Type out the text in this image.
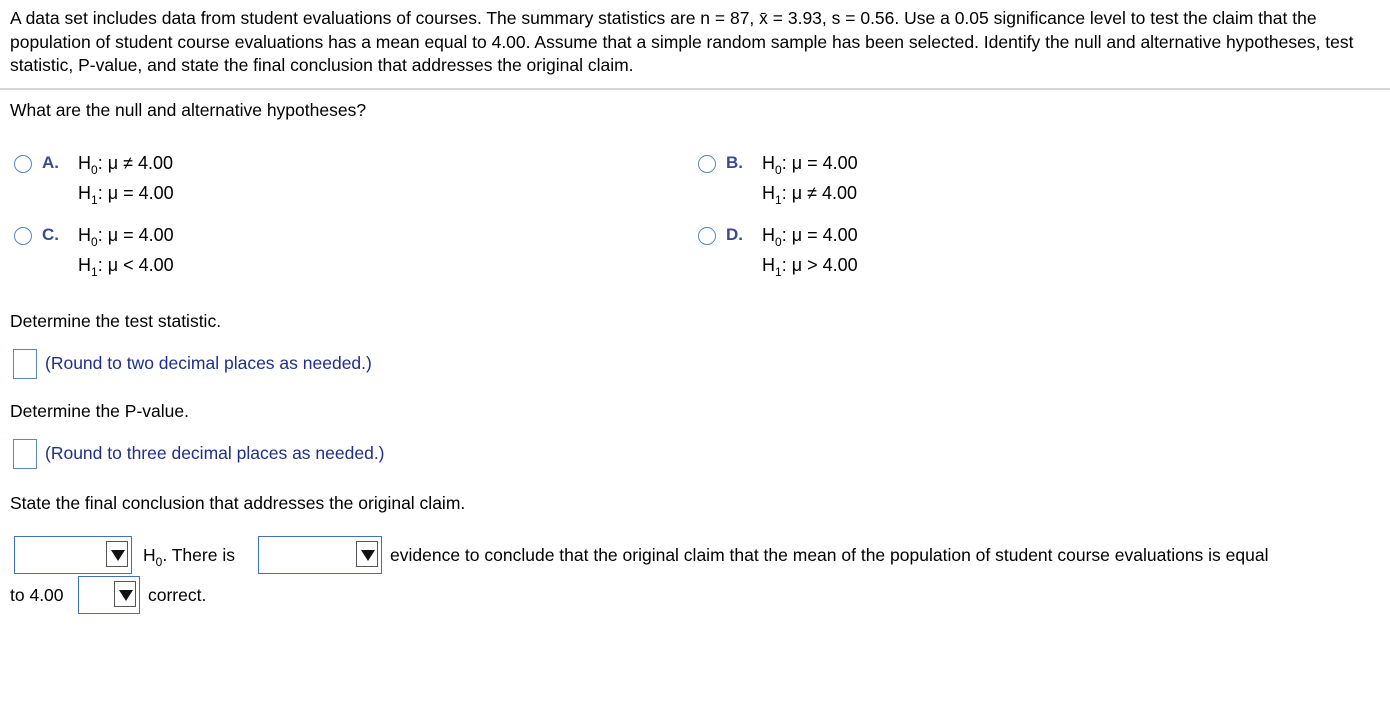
A data set includes data from student evaluations of courses. The summary statistics are n = 87, x̄ = 3.93, s = 0.56. Use a 0.05 significance level to test the claim that the population of student course evaluations has a mean equal to 4.00. Assume that a simple random sample has been selected. Identify the null and alternative hypotheses, test statistic, P-value, and state the final conclusion that addresses the original claim.
What are the null and alternative hypotheses?
A. $H_0$: μ ≠ 4.00
$H_1$: μ = 4.00
B. $H_0$: μ = 4.00
$H_1$: μ ≠ 4.00
C. $H_0$: μ = 4.00
$H_1$: μ < 4.00
D. $H_0$: μ = 4.00
$H_1$: μ > 4.00
Determine the test statistic.
(Round to two decimal places as needed.)
Determine the P-value.
(Round to three decimal places as needed.)
State the final conclusion that addresses the original claim.
$H_0$. There is	evidence to conclude that the original claim that the mean of the population of student course evaluations is equal
to 4.00	correct.
